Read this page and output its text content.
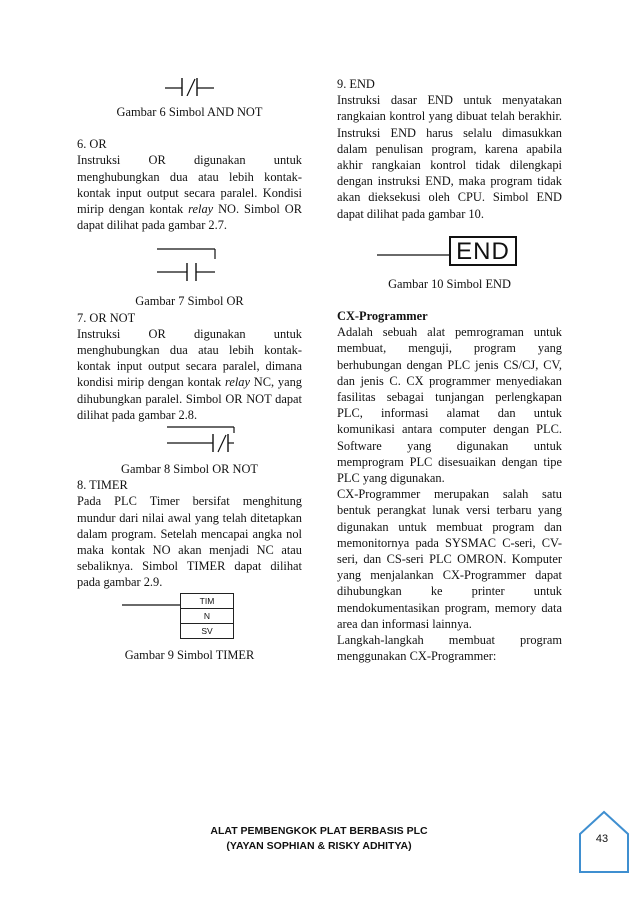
Gambar 6 Simbol AND NOT

6. OR

Instruksi OR digunakan untuk menghubungkan dua atau lebih kontak-kontak input output secara paralel. Kondisi mirip dengan kontak relay NO. Simbol OR dapat dilihat pada gambar 2.7.

Gambar 7 Simbol OR

7. OR NOT

Instruksi OR digunakan untuk menghubungkan dua atau lebih kontak-kontak input output secara paralel, dimana kondisi mirip dengan kontak relay NC, yang dihubungkan paralel. Simbol OR NOT dapat dilihat pada gambar 2.8.

Gambar 8 Simbol OR NOT

8. TIMER

Pada PLC Timer bersifat menghitung mundur dari nilai awal yang telah ditetapkan dalam program. Setelah mencapai angka nol maka kontak NO akan menjadi NC atau sebaliknya. Simbol TIMER dapat dilihat pada gambar 2.9.

TIM
N
SV

Gambar 9 Simbol TIMER

9. END

Instruksi dasar END untuk menyatakan rangkaian kontrol yang dibuat telah berakhir. Instruksi END harus selalu dimasukkan dalam penulisan program, karena apabila akhir rangkaian kontrol tidak dilengkapi dengan instruksi END, maka program tidak akan dieksekusi oleh CPU. Simbol END dapat dilihat pada gambar 10.

END

Gambar 10 Simbol END

CX-Programmer

Adalah sebuah alat pemrograman untuk membuat, menguji, program yang berhubungan dengan PLC jenis CS/CJ, CV, dan jenis C. CX programmer menyediakan fasilitas sebagai tunjangan perlengkapan PLC, informasi alamat dan untuk komunikasi antara computer dengan PLC. Software yang digunakan untuk memprogram PLC disesuaikan dengan tipe PLC yang digunakan.

CX-Programmer merupakan salah satu bentuk perangkat lunak versi terbaru yang digunakan untuk membuat program dan memonitornya pada SYSMAC C-seri, CV-seri, dan CS-seri PLC OMRON. Komputer yang menjalankan CX-Programmer dapat dihubungkan ke printer untuk mendokumentasikan program, memory data area dan informasi lainnya.

Langkah-langkah membuat program menggunakan CX-Programmer:

ALAT PEMBENGKOK PLAT BERBASIS PLC
(YAYAN SOPHIAN & RISKY ADHITYA)
43
